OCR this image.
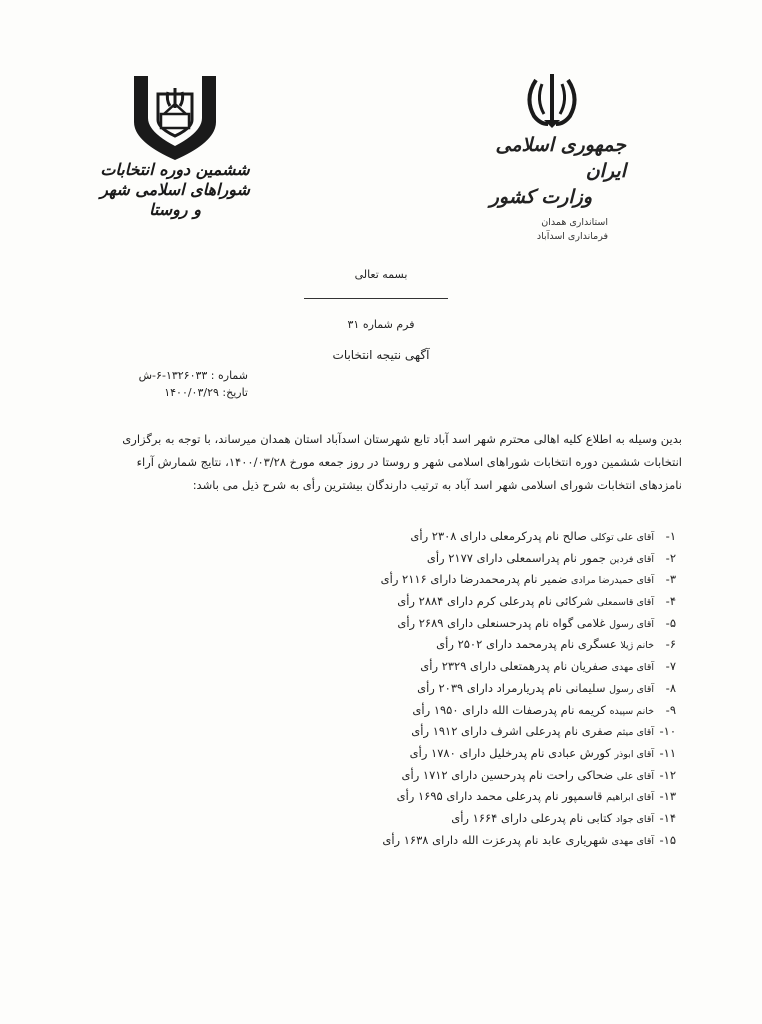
ششمین دوره انتخابات
شوراهای اسلامی شهر و روستا
جمهوری اسلامی ایران
وزارت کشور
استانداری همدان
فرمانداری اسدآباد
بسمه تعالی
فرم شماره ۳۱
آگهی نتیجه انتخابات
شماره : ۱۳۲۶۰۳۳-۶-ش
تاریخ: ۱۴۰۰/۰۳/۲۹
بدین وسیله به اطلاع کلیه اهالی محترم شهر اسد آباد تابع شهرستان اسدآباد استان همدان میرساند، با توجه به برگزاری
انتخابات ششمین دوره انتخابات شوراهای اسلامی شهر و روستا در روز جمعه مورخ ۱۴۰۰/۰۳/۲۸، نتایج شمارش آراء
نامزدهای انتخابات شورای اسلامی شهر اسد آباد به ترتیب دارندگان بیشترین رأی به شرح ذیل می باشد:
۱-آقای علی توکلی صالح نام پدرکرمعلی دارای ۲۳۰۸ رأی
۲-آقای فردین جمور نام پدراسمعلی دارای ۲۱۷۷ رأی
۳-آقای حمیدرضا مرادی ضمیر نام پدرمحمدرضا دارای ۲۱۱۶ رأی
۴-آقای قاسمعلی شرکائی نام پدرعلی کرم دارای ۲۸۸۴ رأی
۵-آقای رسول غلامی گواه نام پدرحسنعلی دارای ۲۶۸۹ رأی
۶-خانم ژیلا عسگری نام پدرمحمد دارای ۲۵۰۲ رأی
۷-آقای مهدی صفریان نام پدرهمتعلی دارای ۲۳۲۹ رأی
۸-آقای رسول سلیمانی نام پدریارمراد دارای ۲۰۳۹ رأی
۹-خانم سپیده کریمه نام پدرصفات الله دارای ۱۹۵۰ رأی
۱۰-آقای میثم صفری نام پدرعلی اشرف دارای ۱۹۱۲ رأی
۱۱-آقای ابوذر کورش عبادی نام پدرخلیل دارای ۱۷۸۰ رأی
۱۲-آقای علی ضحاکی راحت نام پدرحسین دارای ۱۷۱۲ رأی
۱۳-آقای ابراهیم قاسمپور نام پدرعلی محمد دارای ۱۶۹۵ رأی
۱۴-آقای جواد کتابی نام پدرعلی دارای ۱۶۶۴ رأی
۱۵-آقای مهدی شهریاری عابد نام پدرعزت الله دارای ۱۶۳۸ رأی
